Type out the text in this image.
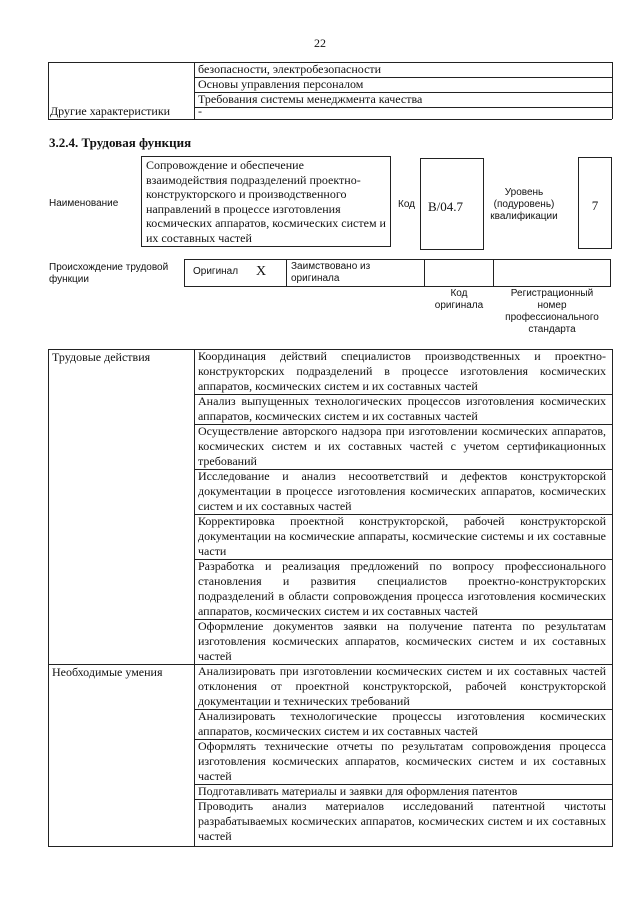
22
безопасности, электробезопасности
Основы управления персоналом
Требования системы менеджмента качества
Другие характеристики -
3.2.4. Трудовая функция
Наименование
Сопровождение и обеспечение взаимодействия подразделений проектно-конструкторского и производственного направлений в процессе изготовления космических аппаратов, космических систем и их составных частей
Код B/04.7
Уровень (подуровень) квалификации
7
Происхождение трудовой функции
Оригинал X Заимствовано из оригинала
Код оригинала
Регистрационный номер профессионального стандарта
Трудовые действия
Необходимые умения
Координация действий специалистов производственных и проектно-конструкторских подразделений в процессе изготовления космических аппаратов, космических систем и их составных частей
Анализ выпущенных технологических процессов изготовления космических аппаратов, космических систем и их составных частей
Осуществление авторского надзора при изготовлении космических аппаратов, космических систем и их составных частей с учетом сертификационных требований
Исследование и анализ несоответствий и дефектов конструкторской документации в процессе изготовления космических аппаратов, космических систем и их составных частей
Корректировка проектной конструкторской, рабочей конструкторской документации на космические аппараты, космические системы и их составные части
Разработка и реализация предложений по вопросу профессионального становления и развития специалистов проектно-конструкторских подразделений в области сопровождения процесса изготовления космических аппаратов, космических систем и их составных частей
Оформление документов заявки на получение патента по результатам изготовления космических аппаратов, космических систем и их составных частей
Анализировать при изготовлении космических систем и их составных частей отклонения от проектной конструкторской, рабочей конструкторской документации и технических требований
Анализировать технологические процессы изготовления космических аппаратов, космических систем и их составных частей
Оформлять технические отчеты по результатам сопровождения процесса изготовления космических аппаратов, космических систем и их составных частей
Подготавливать материалы и заявки для оформления патентов
Проводить анализ материалов исследований патентной чистоты разрабатываемых космических аппаратов, космических систем и их составных частей
